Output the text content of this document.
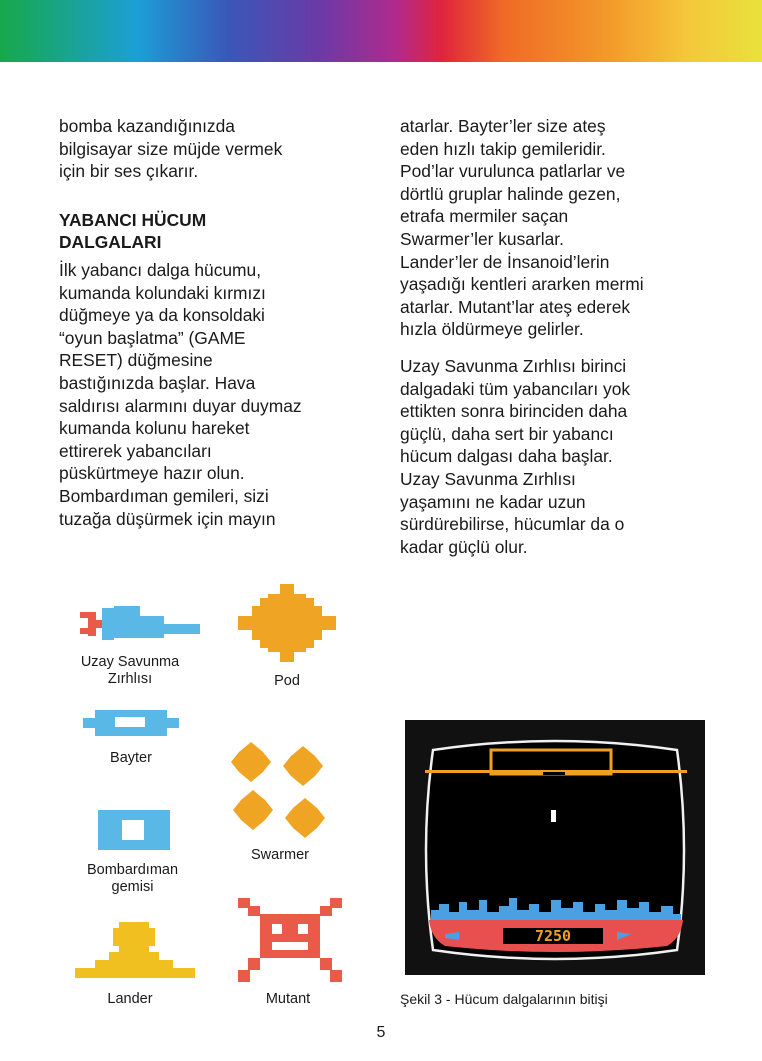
bomba kazandığınızda
bilgisayar size müjde vermek
için bir ses çıkarır.

YABANCI HÜCUM
DALGALARI

İlk yabancı dalga hücumu,
kumanda kolundaki kırmızı
düğmeye ya da konsoldaki
“oyun başlatma” (GAME
RESET) düğmesine
bastığınızda başlar. Hava
saldırısı alarmını duyar duymaz
kumanda kolunu hareket
ettirerek yabancıları
püskürtmeye hazır olun.
Bombardıman gemileri, sizi
tuzağa düşürmek için mayın

atarlar. Bayter’ler size ateş
eden hızlı takip gemileridir.
Pod’lar vurulunca patlarlar ve
dörtlü gruplar halinde gezen,
etrafa mermiler saçan
Swarmer’ler kusarlar.
Lander’ler de İnsanoid’lerin
yaşadığı kentleri ararken mermi
atarlar. Mutant’lar ateş ederek
hızla öldürmeye gelirler.

Uzay Savunma Zırhlısı birinci
dalgadaki tüm yabancıları yok
ettikten sonra birinciden daha
güçlü, daha sert bir yabancı
hücum dalgası daha başlar.
Uzay Savunma Zırhlısı
yaşamını ne kadar uzun
sürdürebilirse, hücumlar da o
kadar güçlü olur.

Uzay Savunma
Zırhlısı	Pod
Bayter
Swarmer
Bombardıman
gemisi
Lander	Mutant
7250
Şekil 3 - Hücum dalgalarının bitişi
5
